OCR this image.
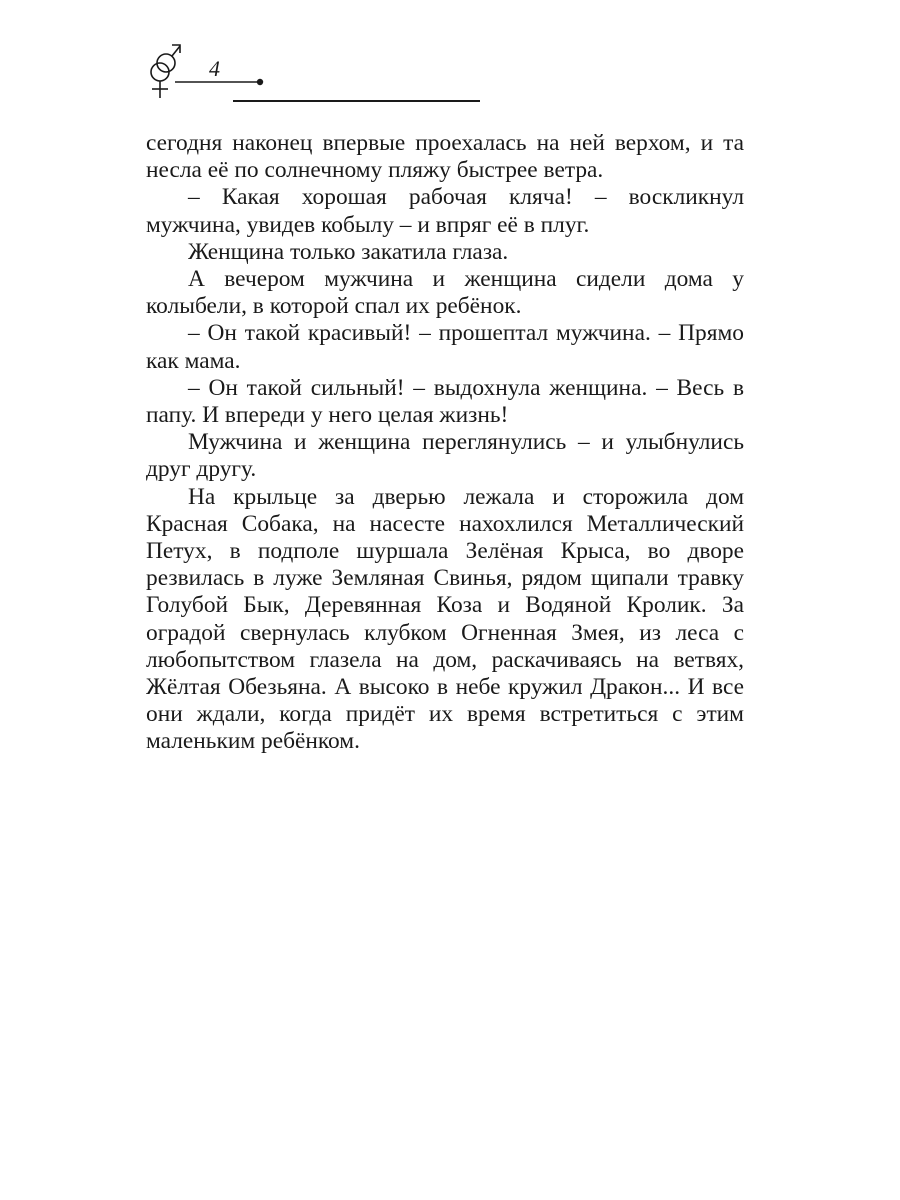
4

сегодня наконец впервые проехалась на ней верхом, и та несла её по солнечному пляжу быстрее ветра.

– Какая хорошая рабочая кляча! – воскликнул мужчина, увидев кобылу – и впряг её в плуг.

Женщина только закатила глаза.

А вечером мужчина и женщина сидели дома у колыбели, в которой спал их ребёнок.

– Он такой красивый! – прошептал мужчина. – Прямо как мама.

– Он такой сильный! – выдохнула женщина. – Весь в папу. И впереди у него целая жизнь!

Мужчина и женщина переглянулись – и улыбнулись друг другу.

На крыльце за дверью лежала и сторожила дом Красная Собака, на насесте нахохлился Металлический Петух, в подполе шуршала Зелёная Крыса, во дворе резвилась в луже Земляная Свинья, рядом щипали травку Голубой Бык, Деревянная Коза и Водяной Кролик. За оградой свернулась клубком Огненная Змея, из леса с любопытством глазела на дом, раскачиваясь на ветвях, Жёлтая Обезьяна. А высоко в небе кружил Дракон... И все они ждали, когда придёт их время встретиться с этим маленьким ребёнком.
